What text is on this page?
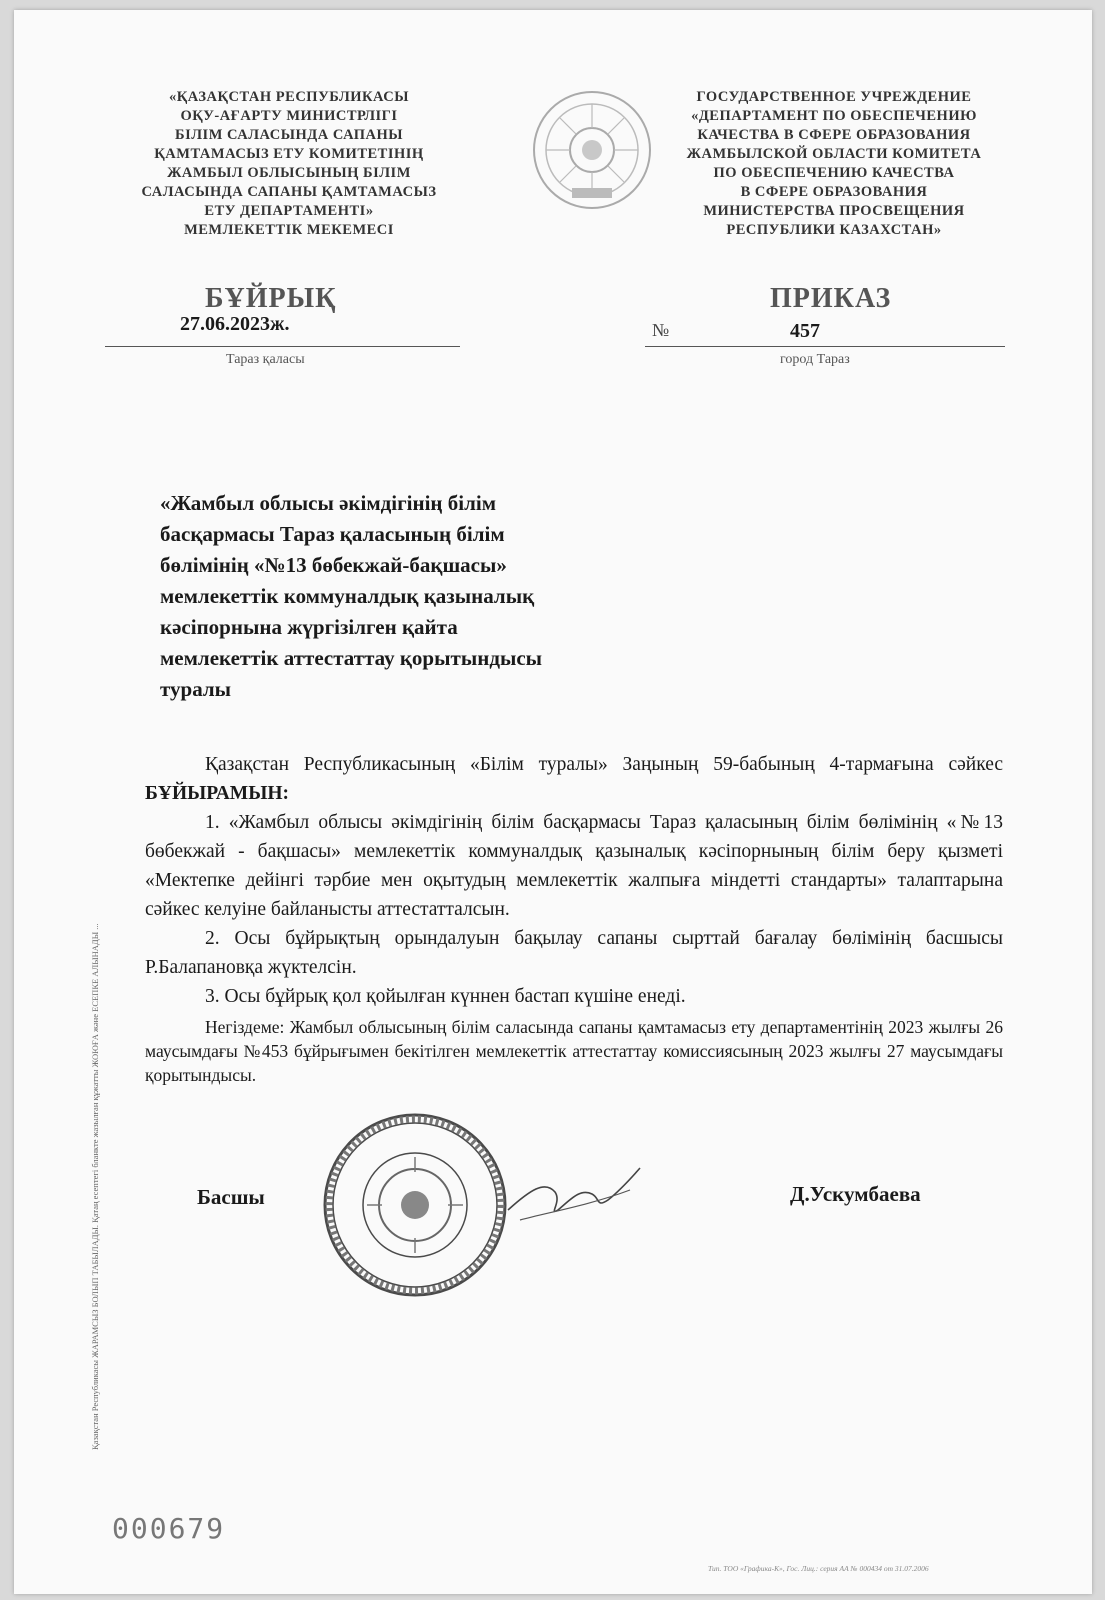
«ҚАЗАҚСТАН РЕСПУБЛИКАСЫ
ОҚУ-АҒАРТУ МИНИСТРЛІГІ
БІЛІМ САЛАСЫНДА САПАНЫ
ҚАМТАМАСЫЗ ЕТУ КОМИТЕТІНІҢ
ЖАМБЫЛ ОБЛЫСЫНЫҢ БІЛІМ
САЛАСЫНДА САПАНЫ ҚАМТАМАСЫЗ
ЕТУ ДЕПАРТАМЕНТІ»
МЕМЛЕКЕТТІК МЕКЕМЕСІ
ГОСУДАРСТВЕННОЕ УЧРЕЖДЕНИЕ
«ДЕПАРТАМЕНТ ПО ОБЕСПЕЧЕНИЮ
КАЧЕСТВА В СФЕРЕ ОБРАЗОВАНИЯ
ЖАМБЫЛСКОЙ ОБЛАСТИ КОМИТЕТА
ПО ОБЕСПЕЧЕНИЮ КАЧЕСТВА
В СФЕРЕ ОБРАЗОВАНИЯ
МИНИСТЕРСТВА ПРОСВЕЩЕНИЯ
РЕСПУБЛИКИ КАЗАХСТАН»
БҰЙРЫҚ	ПРИКАЗ
27.06.2023ж.	№	457
Тараз қаласы	город Тараз
«Жамбыл облысы әкімдігінің білім
басқармасы Тараз қаласының білім
бөлімінің «№13 бөбекжай-бақшасы»
мемлекеттік коммуналдық қазыналық
кәсіпорнына жүргізілген қайта
мемлекеттік аттестаттау қорытындысы
туралы

Қазақстан Республикасының «Білім туралы» Заңының 59-бабының 4-тармағына сәйкес БҰЙЫРАМЫН:

1. «Жамбыл облысы әкімдігінің білім басқармасы Тараз қаласының білім бөлімінің «№13 бөбекжай - бақшасы» мемлекеттік коммуналдық қазыналық кәсіпорнының білім беру қызметі «Мектепке дейінгі тәрбие мен оқытудың мемлекеттік жалпыға міндетті стандарты» талаптарына сәйкес келуіне байланысты аттестатталсын.

2. Осы бұйрықтың орындалуын бақылау сапаны сырттай бағалау бөлімінің басшысы Р.Балапановқа жүктелсін.

3. Осы бұйрық қол қойылған күннен бастап күшіне енеді.

Негіздеме: Жамбыл облысының білім саласында сапаны қамтамасыз ету департаментінің 2023 жылғы 26 маусымдағы №453 бұйрығымен бекітілген мемлекеттік аттестаттау комиссиясының 2023 жылғы 27 маусымдағы қорытындысы.

Басшы	Д.Ускумбаева
Қазақстан Республикасы ЖАРАМСЫЗ БОЛЫП ТАБЫЛАДЫ. Қатаң есептегі бланкте жазылған құжатты ЖОЮҒА және ЕСЕПКЕ АЛЫНАДЫ ...
000679
Тип. ТОО «Графика-К», Гос. Лиц.: серия АА № 000434 от 31.07.2006
